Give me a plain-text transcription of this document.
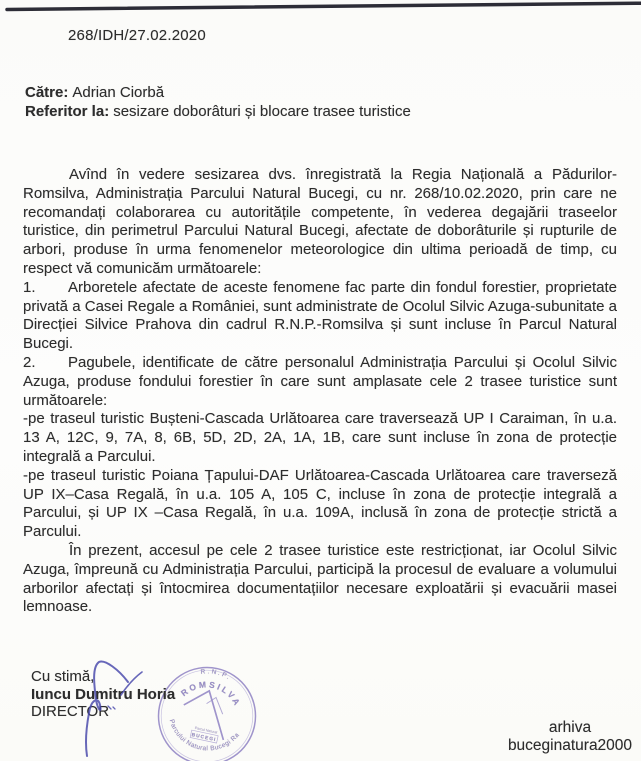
268/IDH/27.02.2020
Către: Adrian Ciorbă
Referitor la: sesizare doborâturi și blocare trasee turistice

Avînd în vedere sesizarea dvs. înregistrată la Regia Națională a Pădurilor-Romsilva, Administrația Parcului Natural Bucegi, cu nr. 268/10.02.2020, prin care ne recomandați colaborarea cu autoritățile competente, în vederea degajării traseelor turistice, din perimetrul Parcului Natural Bucegi, afectate de doborâturile și rupturile de arbori, produse în urma fenomenelor meteorologice din ultima perioadă de timp, cu respect vă comunicăm următoarele:

1. Arboretele afectate de aceste fenomene fac parte din fondul forestier, proprietate privată a Casei Regale a României, sunt administrate de Ocolul Silvic Azuga-subunitate a Direcției Silvice Prahova din cadrul R.N.P.-Romsilva și sunt incluse în Parcul Natural Bucegi.

2. Pagubele, identificate de către personalul Administrația Parcului și Ocolul Silvic Azuga, produse fondului forestier în care sunt amplasate cele 2 trasee turistice sunt următoarele:

-pe traseul turistic Bușteni-Cascada Urlătoarea care traversează UP I Caraiman, în u.a. 13 A, 12C, 9, 7A, 8, 6B, 5D, 2D, 2A, 1A, 1B, care sunt incluse în zona de protecție integrală a Parcului.

-pe traseul turistic Poiana Țapului-DAF Urlătoarea-Cascada Urlătoarea care traverseză UP IX–Casa Regală, în u.a. 105 A, 105 C, incluse în zona de protecție integrală a Parcului, și UP IX –Casa Regală, în u.a. 109A, inclusă în zona de protecție strictă a Parcului.

În prezent, accesul pe cele 2 trasee turistice este restricționat, iar Ocolul Silvic Azuga, împreună cu Administrația Parcului, participă la procesul de evaluare a volumului arborilor afectați și întocmirea documentațiilor necesare exploatării și evacuării masei lemnoase.

Cu stimă,
Iuncu Dumitru Horia
DIRECTOR
R.N.P.
ROMSILVA
Parcul Natural
BUCEGI
Parcului Natural Bucegi Ra	arhiva
buceginatura2000
